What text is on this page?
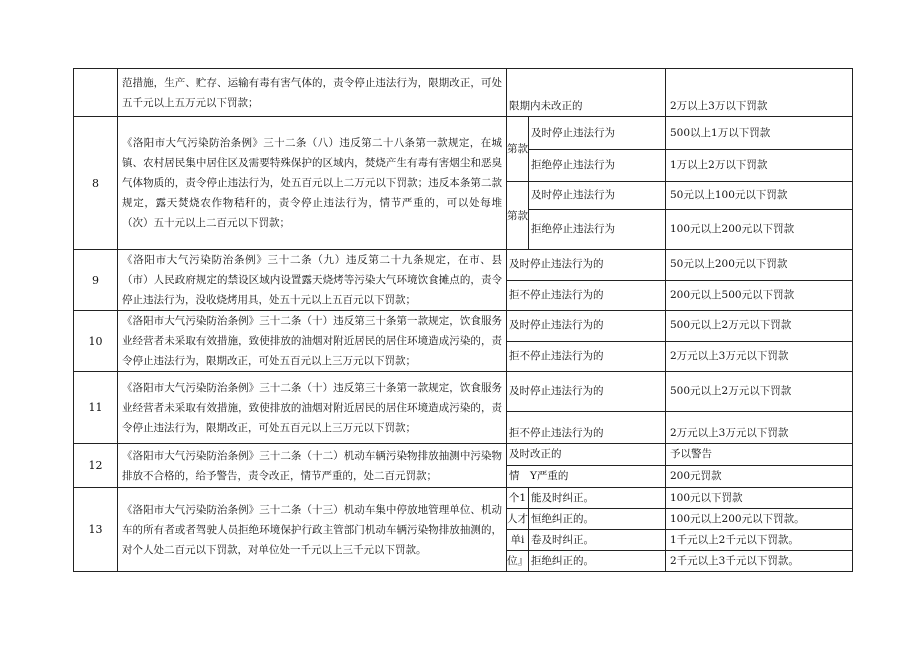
	范措施，生产、贮存、运输有毒有害气体的，责令停止违法行为，限期改正，可处五千元以上五万元以下罚款；	限期内未改正的		2万以上3万以下罚款
8	《洛阳市大气污染防治条例》三十二条（八）违反第二十八条第一款规定，在城镇、农村居民集中居住区及需要特殊保护的区域内，焚烧产生有毒有害烟尘和恶臭气体物质的，责令停止违法行为，处五百元以上二万元以下罚款；违反本条第二款规定，露天焚烧农作物秸秆的，责令停止违法行为，情节严重的，可以处每堆（次）五十元以上二百元以下罚款；	第款	及时停止违法行为	500以上1万以下罚款
			拒绝停止违法行为	1万以上2万以下罚款
		第款	及时停止违法行为	50元以上100元以下罚款
			拒绝停止违法行为	100元以上200元以下罚款
9	《洛阳市大气污染防治条例》三十二条（九）违反第二十九条规定，在市、县（市）人民政府规定的禁设区域内设置露天烧烤等污染大气环境饮食摊点的，责令停止违法行为，没收烧烤用具，处五十元以上五百元以下罚款；	及时停止违法行为的		50元以上200元以下罚款
		拒不停止违法行为的		200元以上500元以下罚款
10	《洛阳市大气污染防治条例》三十二条（十）违反第三十条第一款规定，饮食服务业经营者未采取有效措施，致使排放的油烟对附近居民的居住环境造成污染的，责令停止违法行为，限期改正，可处五百元以上三万元以下罚款；	及时停止违法行为的		500元以上2万元以下罚款
		拒不停止违法行为的		2万元以上3万元以下罚款
11	《洛阳市大气污染防治条例》三十二条（十）违反第三十条第一款规定，饮食服务业经营者未采取有效措施，致使排放的油烟对附近居民的居住环境造成污染的，责令停止违法行为，限期改正，可处五百元以上三万元以下罚款；	及时停止违法行为的		500元以上2万元以下罚款
		拒不停止违法行为的		2万元以上3万元以下罚款
12	《洛阳市大气污染防治条例》三十二条（十二）机动车辆污染物排放抽测中污染物排放不合格的，给予警告，责令改正，情节严重的，处二百元罚款；	及时改正的		予以警告
		情　Y严重的		200元罚款
13	《洛阳市大气污染防治条例》三十二条（十三）机动车集中停放地管理单位、机动车的所有者或者驾驶人员拒绝环境保护行政主管部门机动车辆污染物排放抽测的，对个人处二百元以下罚款，对单位处一千元以上三千元以下罚款。	个1	能及时纠正。	100元以下罚款
		人才	恒绝纠正的。	100元以上200元以下罚款。
		单i	卷及时纠正。	1千元以上2千元以下罚款。
		位』	拒绝纠正的。	2千元以上3千元以下罚款。
